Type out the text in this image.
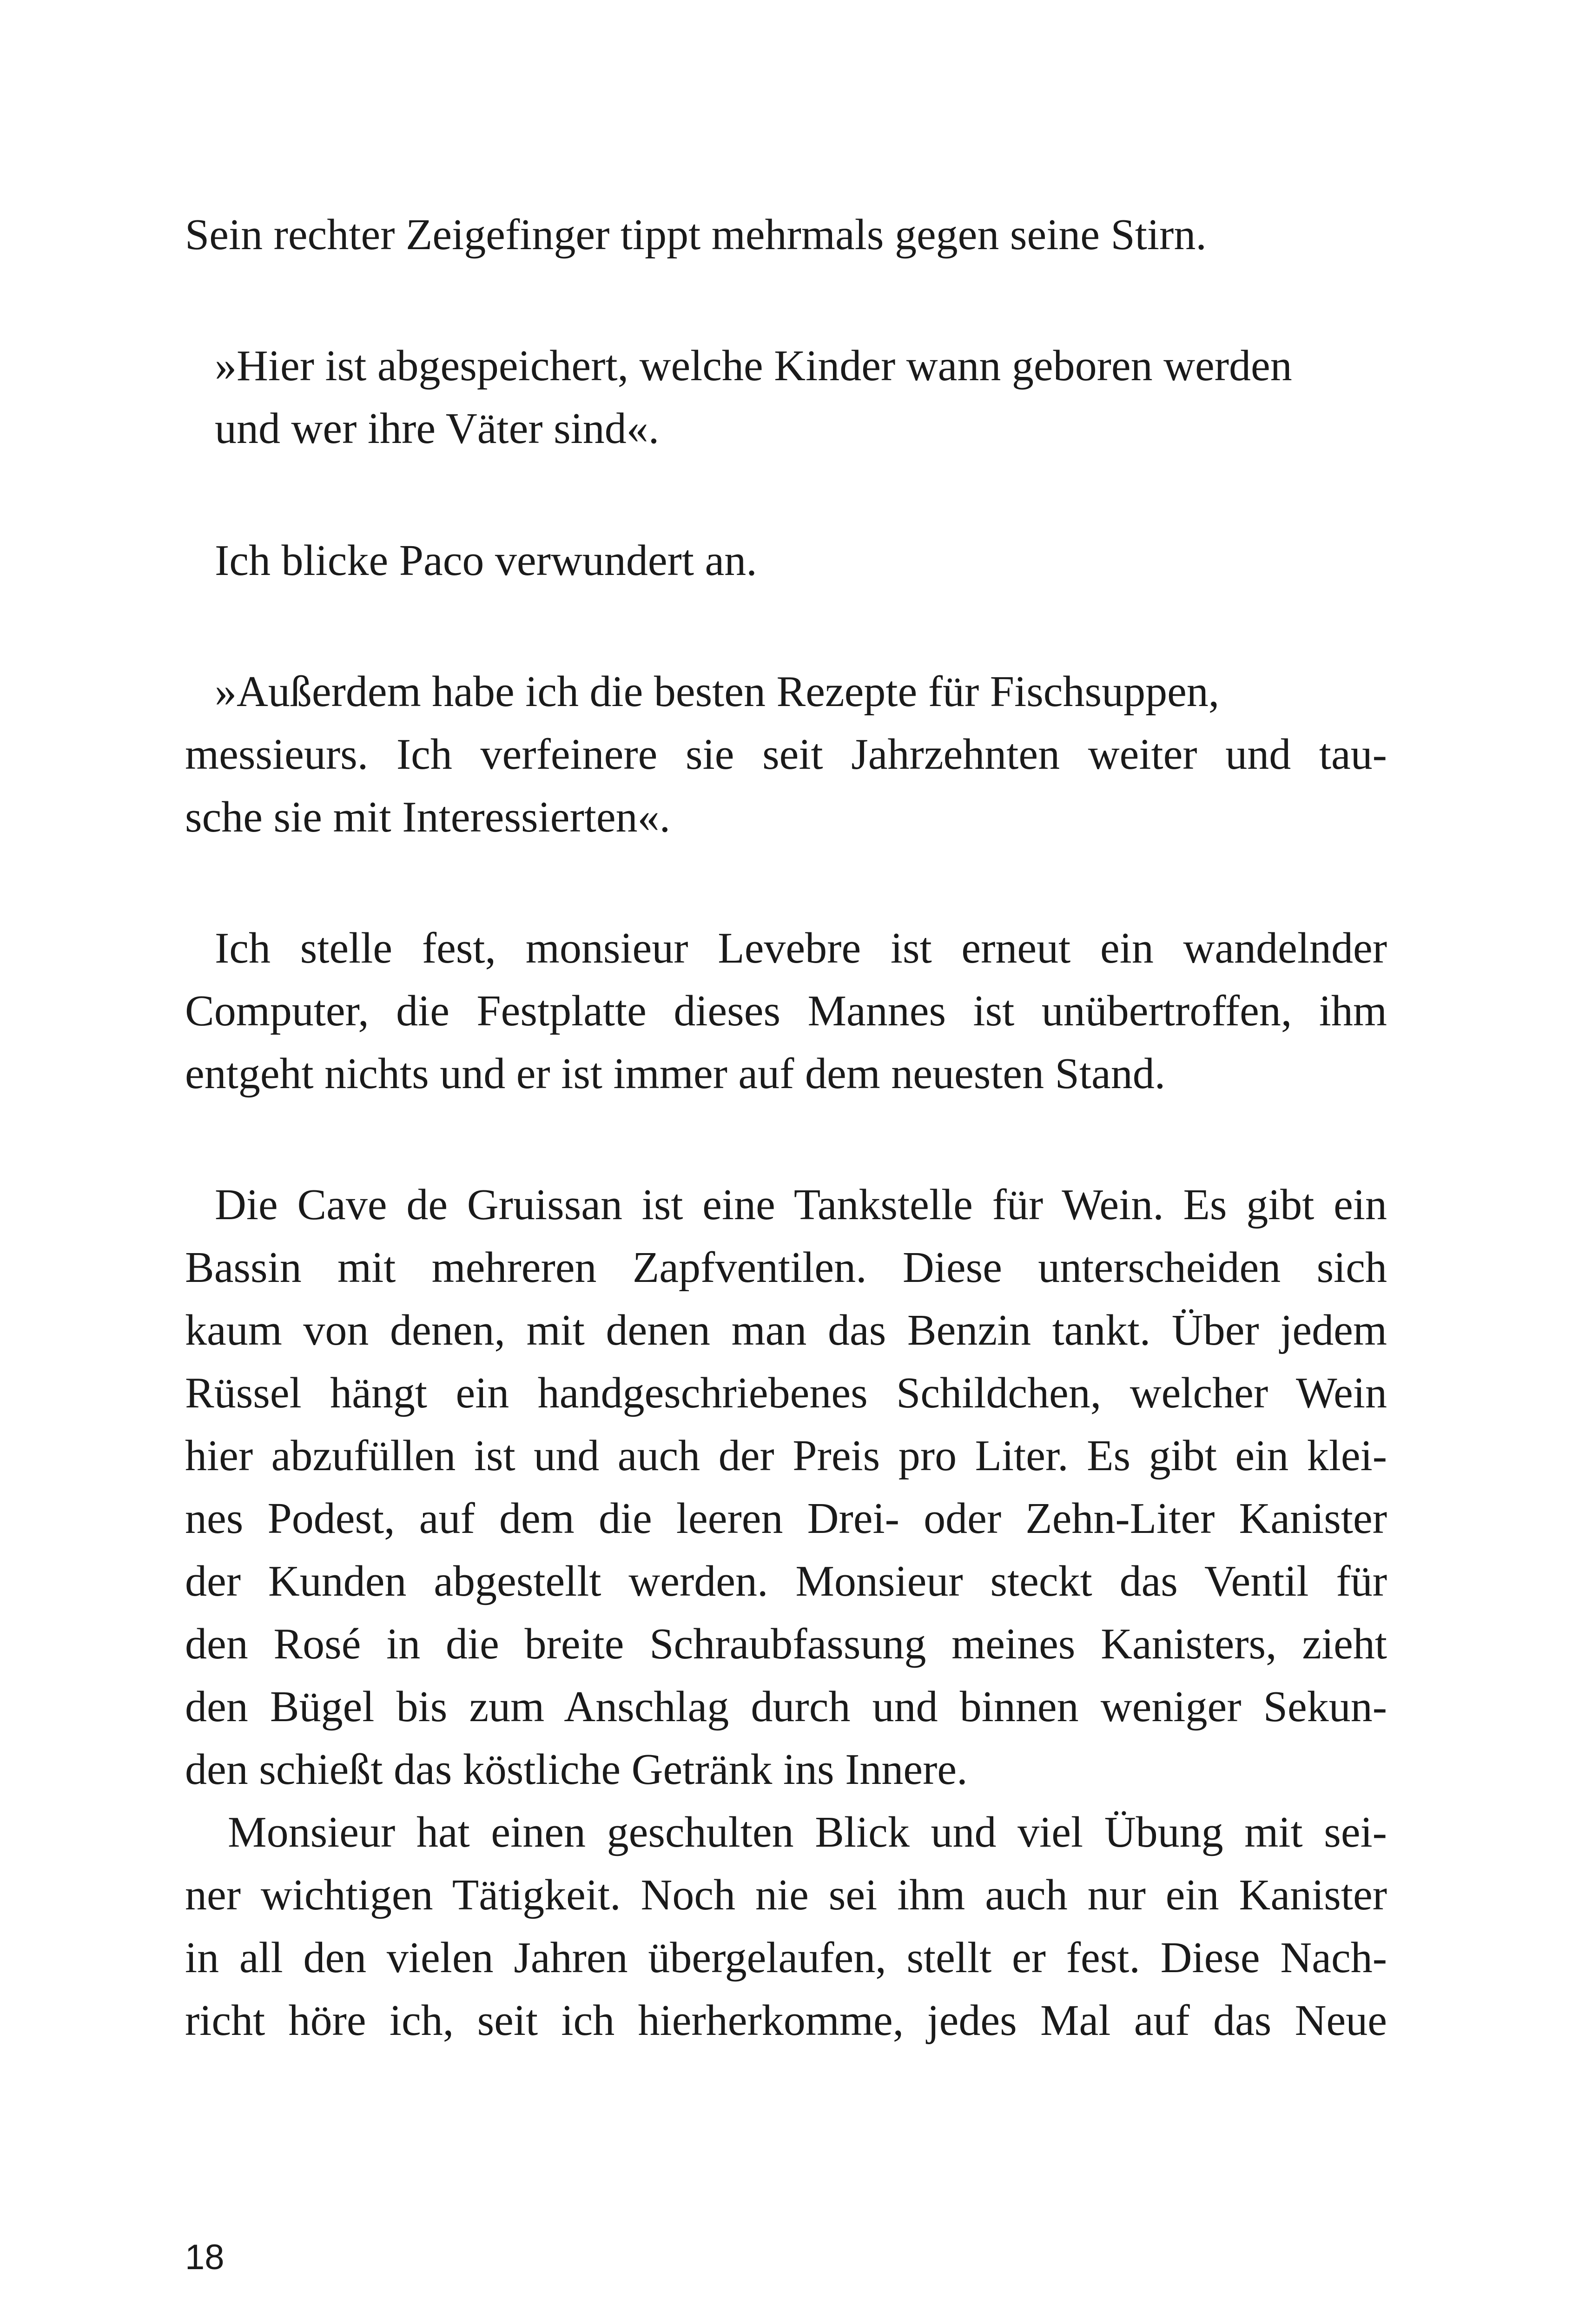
Sein rechter Zeigefinger tippt mehrmals gegen seine Stirn.

»Hier ist abgespeichert, welche Kinder wann geboren werden
und wer ihre Väter sind«.

Ich blicke Paco verwundert an.

»Außerdem habe ich die besten Rezepte für Fischsuppen,
messieurs. Ich verfeinere sie seit Jahrzehnten weiter und tau-
sche sie mit Interessierten«.

Ich stelle fest, monsieur Levebre ist erneut ein wandelnder
Computer, die Festplatte dieses Mannes ist unübertroffen, ihm
entgeht nichts und er ist immer auf dem neuesten Stand.

Die Cave de Gruissan ist eine Tankstelle für Wein. Es gibt ein
Bassin mit mehreren Zapfventilen. Diese unterscheiden sich
kaum von denen, mit denen man das Benzin tankt. Über jedem
Rüssel hängt ein handgeschriebenes Schildchen, welcher Wein
hier abzufüllen ist und auch der Preis pro Liter. Es gibt ein klei-
nes Podest, auf dem die leeren Drei- oder Zehn-Liter Kanister
der Kunden abgestellt werden. Monsieur steckt das Ventil für
den Rosé in die breite Schraubfassung meines Kanisters, zieht
den Bügel bis zum Anschlag durch und binnen weniger Sekun-
den schießt das köstliche Getränk ins Innere.

Monsieur hat einen geschulten Blick und viel Übung mit sei-
ner wichtigen Tätigkeit. Noch nie sei ihm auch nur ein Kanister
in all den vielen Jahren übergelaufen, stellt er fest. Diese Nach-
richt höre ich, seit ich hierherkomme, jedes Mal auf das Neue

18
